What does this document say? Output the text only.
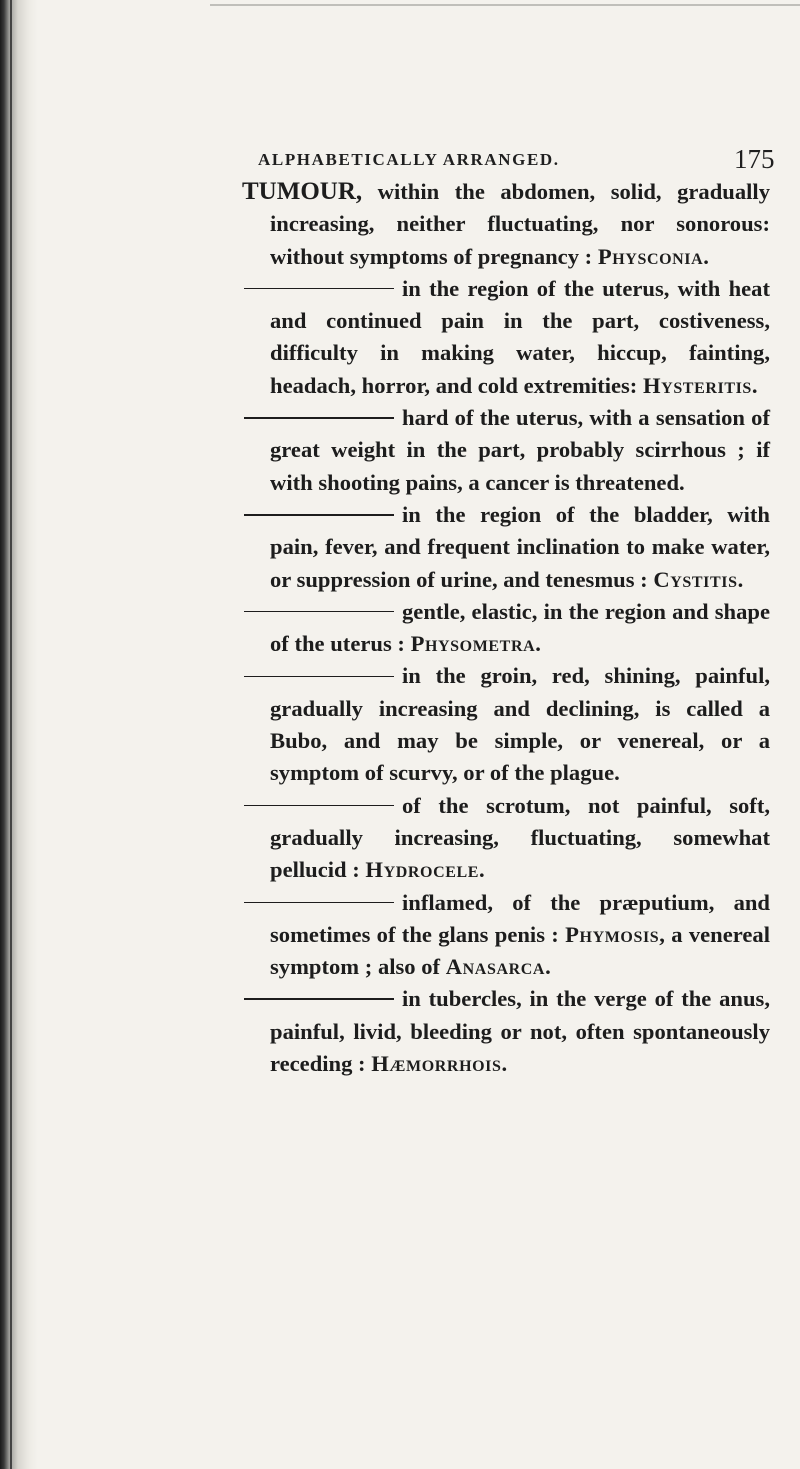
ALPHABETICALLY ARRANGED.	175

TUMOUR, within the abdomen, solid, gradually increasing, neither fluctuating, nor sonorous: without symptoms of pregnancy : Physconia.

in the region of the uterus, with heat and continued pain in the part, costiveness, difficulty in making water, hiccup, fainting, headach, horror, and cold extremities: Hysteritis.

hard of the uterus, with a sensation of great weight in the part, probably scirrhous ; if with shooting pains, a cancer is threatened.

in the region of the bladder, with pain, fever, and frequent inclination to make water, or suppression of urine, and tenesmus : Cystitis.

gentle, elastic, in the region and shape of the uterus : Physometra.

in the groin, red, shining, painful, gradually increasing and declining, is called a Bubo, and may be simple, or venereal, or a symptom of scurvy, or of the plague.

of the scrotum, not painful, soft, gradually increasing, fluctuating, somewhat pellucid : Hydrocele.

inflamed, of the præputium, and sometimes of the glans penis : Phymosis, a venereal symptom ; also of Anasarca.

in tubercles, in the verge of the anus, painful, livid, bleeding or not, often spontaneously receding : Hæmorrhois.
